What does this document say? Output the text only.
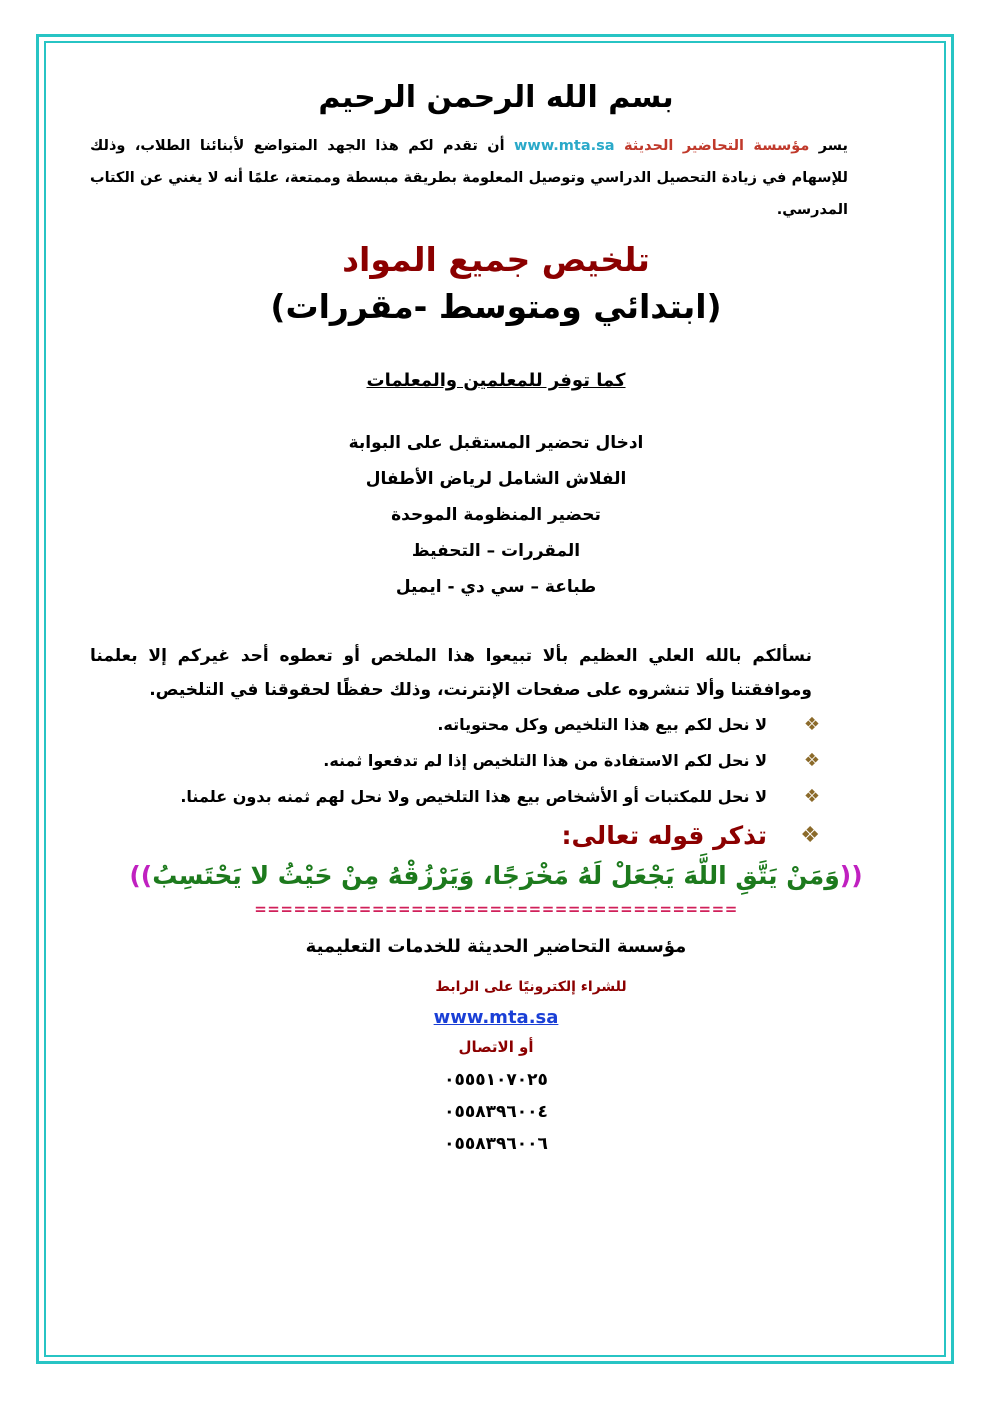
بسم الله الرحمن الرحيم

يسر مؤسسة التحاضير الحديثة www.mta.sa أن تقدم لكم هذا الجهد المتواضع لأبنائنا الطلاب، وذلك للإسهام في زيادة التحصيل الدراسي وتوصيل المعلومة بطريقة مبسطة وممتعة، علمًا أنه لا يغني عن الكتاب المدرسي.

تلخيص جميع المواد
(ابتدائي ومتوسط -مقررات)
كما توفر للمعلمين والمعلمات
ادخال تحضير المستقبل على البوابة
الفلاش الشامل لرياض الأطفال
تحضير المنظومة الموحدة
المقررات – التحفيظ
طباعة – سي دي - ايميل
نسألكم بالله العلي العظيم بألا تبيعوا هذا الملخص أو تعطوه أحد غيركم إلا بعلمنا وموافقتنا وألا تنشروه على صفحات الإنترنت، وذلك حفظًا لحقوقنا في التلخيص.
❖
لا نحل لكم بيع هذا التلخيص وكل محتوياته.
❖
لا نحل لكم الاستفادة من هذا التلخيص إذا لم تدفعوا ثمنه.
❖
لا نحل للمكتبات أو الأشخاص بيع هذا التلخيص ولا نحل لهم ثمنه بدون علمنا.
❖
تذكر قوله تعالى:
((وَمَنْ يَتَّقِ اللَّهَ يَجْعَلْ لَهُ مَخْرَجًا، وَيَرْزُقْهُ مِنْ حَيْثُ لا يَحْتَسِبُ))
=====================================
مؤسسة التحاضير الحديثة للخدمات التعليمية
للشراء إلكترونيًا على الرابط
www.mta.sa
أو الاتصال
٠٥٥٥١٠٧٠٢٥
٠٥٥٨٣٩٦٠٠٤
٠٥٥٨٣٩٦٠٠٦
